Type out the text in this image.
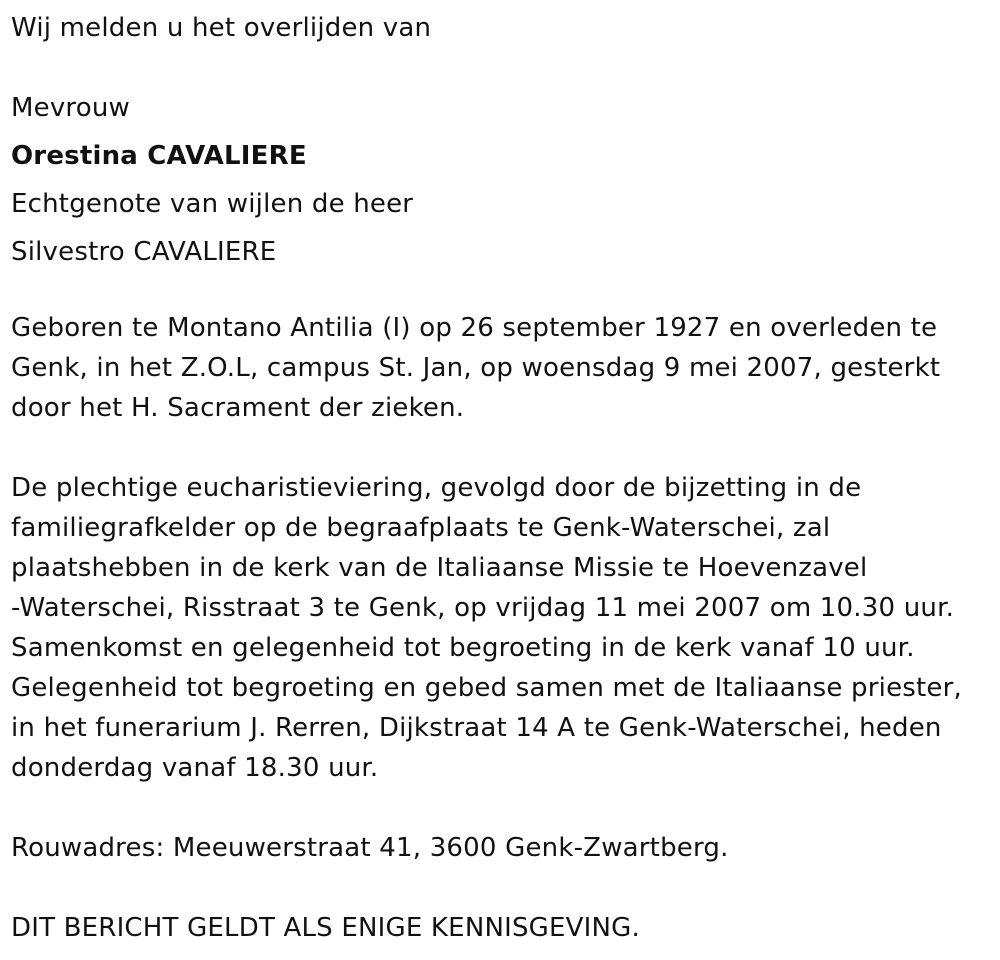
Wij melden u het overlijden van
Mevrouw
Orestina CAVALIERE
Echtgenote van wijlen de heer
Silvestro CAVALIERE
Geboren te Montano Antilia (I) op 26 september 1927 en overleden te
Genk, in het Z.O.L, campus St. Jan, op woensdag 9 mei 2007, gesterkt
door het H. Sacrament der zieken.
De plechtige eucharistieviering, gevolgd door de bijzetting in de
familiegrafkelder op de begraafplaats te Genk-Waterschei, zal
plaatshebben in de kerk van de Italiaanse Missie te Hoevenzavel
-Waterschei, Risstraat 3 te Genk, op vrijdag 11 mei 2007 om 10.30 uur.
Samenkomst en gelegenheid tot begroeting in de kerk vanaf 10 uur.
Gelegenheid tot begroeting en gebed samen met de Italiaanse priester,
in het funerarium J. Rerren, Dijkstraat 14 A te Genk-Waterschei, heden
donderdag vanaf 18.30 uur.
Rouwadres: Meeuwerstraat 41, 3600 Genk-Zwartberg.
DIT BERICHT GELDT ALS ENIGE KENNISGEVING.
